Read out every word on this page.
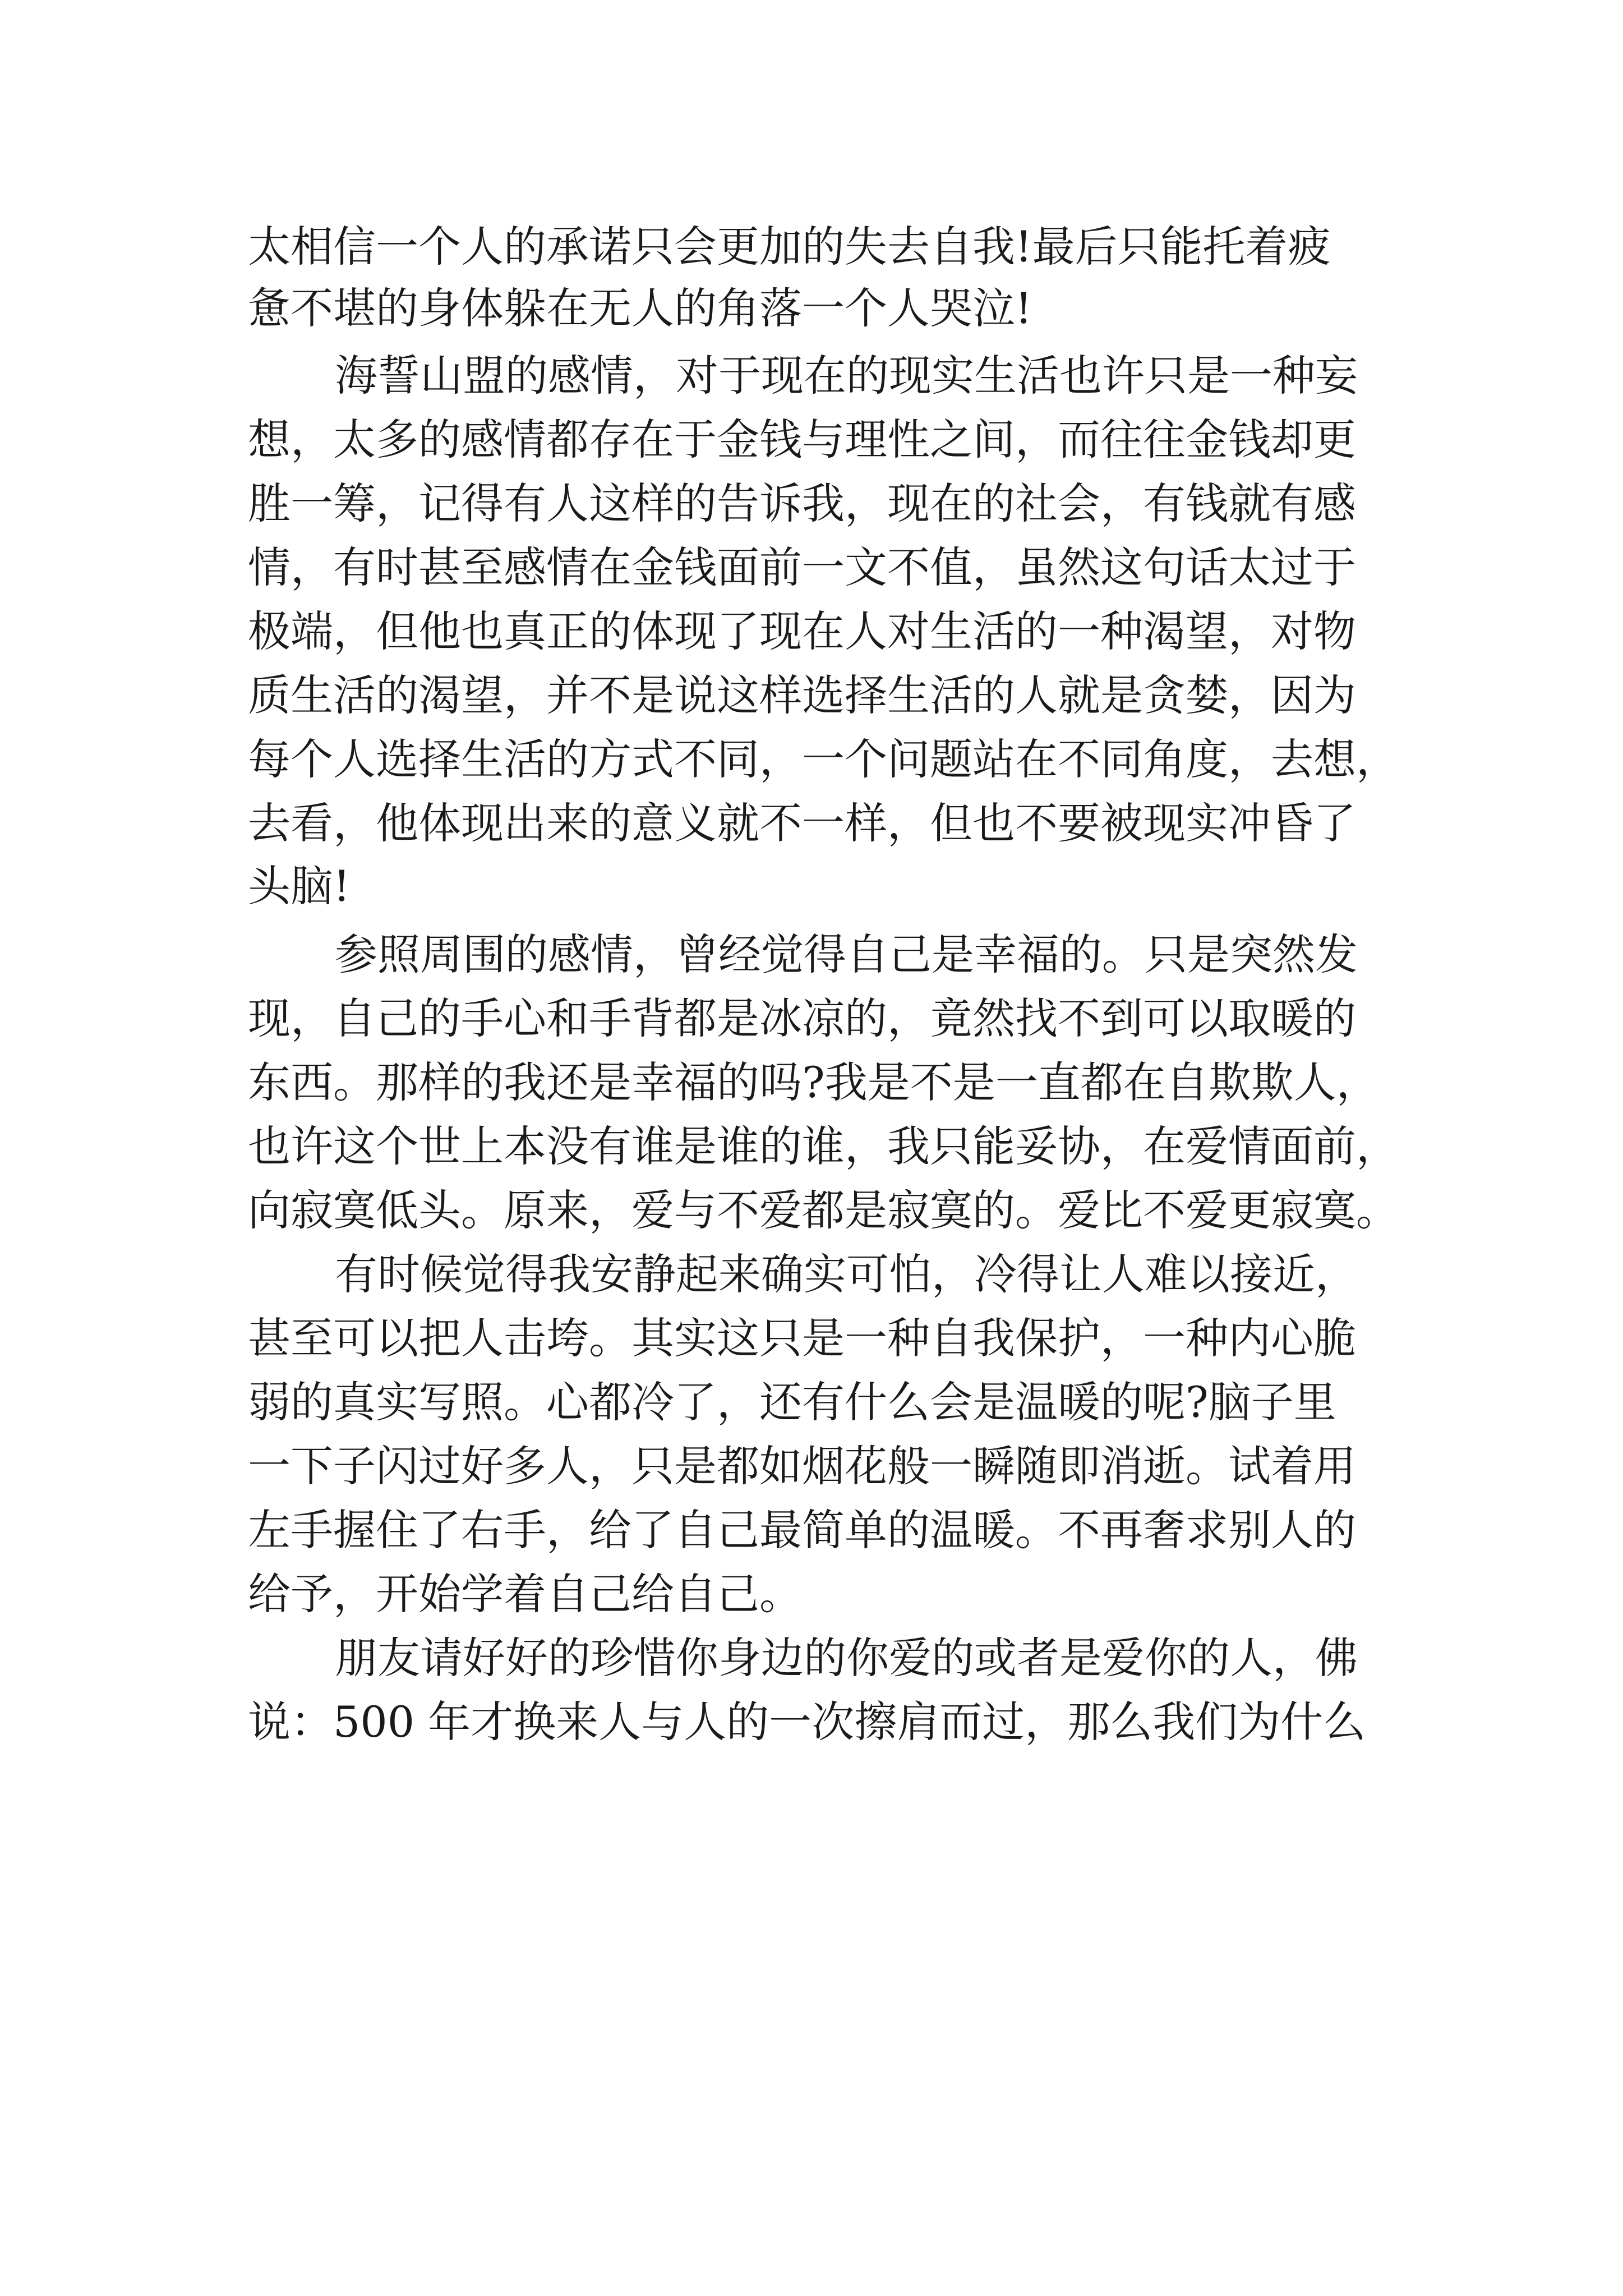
太相信一个人的承诺只会更加的失去自我!最后只能托着疲
惫不堪的身体躲在无人的角落一个人哭泣!
海誓山盟的感情，对于现在的现实生活也许只是一种妄
想，太多的感情都存在于金钱与理性之间，而往往金钱却更
胜一筹，记得有人这样的告诉我，现在的社会，有钱就有感
情，有时甚至感情在金钱面前一文不值，虽然这句话太过于
极端，但他也真正的体现了现在人对生活的一种渴望，对物
质生活的渴望，并不是说这样选择生活的人就是贪婪，因为
每个人选择生活的方式不同，一个问题站在不同角度，去想，
去看，他体现出来的意义就不一样，但也不要被现实冲昏了
头脑!
参照周围的感情，曾经觉得自己是幸福的。只是突然发
现，自己的手心和手背都是冰凉的，竟然找不到可以取暖的
东西。那样的我还是幸福的吗?我是不是一直都在自欺欺人，
也许这个世上本没有谁是谁的谁，我只能妥协，在爱情面前，
向寂寞低头。原来，爱与不爱都是寂寞的。爱比不爱更寂寞。
有时候觉得我安静起来确实可怕，冷得让人难以接近，
甚至可以把人击垮。其实这只是一种自我保护，一种内心脆
弱的真实写照。心都冷了，还有什么会是温暖的呢?脑子里
一下子闪过好多人，只是都如烟花般一瞬随即消逝。试着用
左手握住了右手，给了自己最简单的温暖。不再奢求别人的
给予，开始学着自己给自己。
朋友请好好的珍惜你身边的你爱的或者是爱你的人，佛
说：500 年才换来人与人的一次擦肩而过，那么我们为什么
